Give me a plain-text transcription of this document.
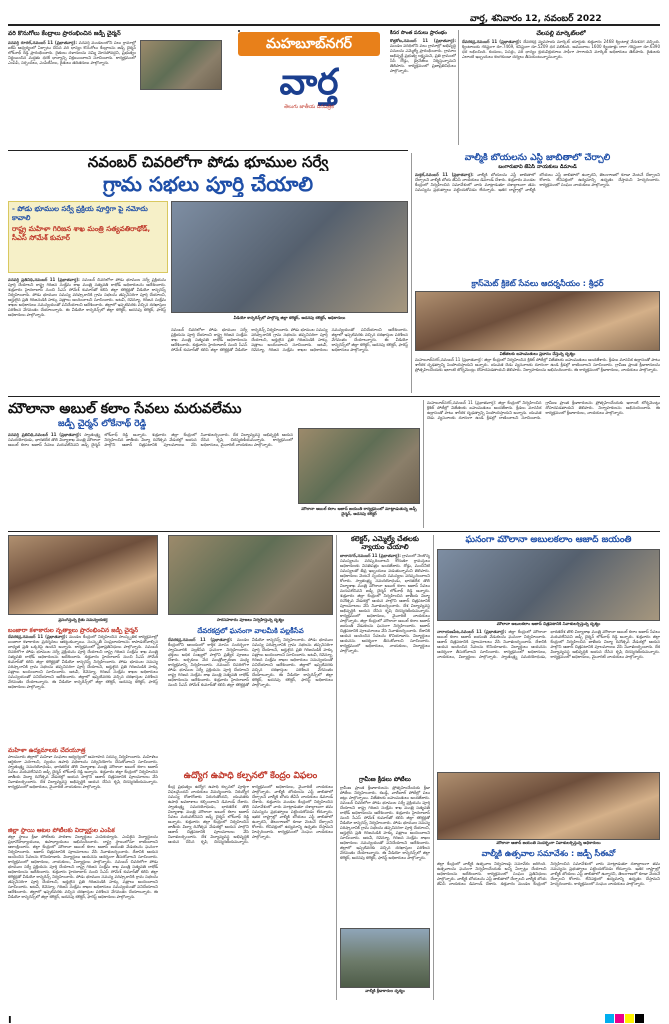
వార్త, శనివారం 12, నవంబర్ 2022
వరి కొనుగోలు కేంద్రాలు ప్రారంభించిన జడ్పీ చైర్మన్
వనపర్తి రూరల్,నవంబర్ 11 (ప్రభాతవార్త): వనపర్తి మండలంలోని పలు గ్రామాల్లో ఐకేపీ ఆధ్వర్యంలో ఏర్పాటు చేసిన వరి ధాన్యం కొనుగోలు కేంద్రాలను జడ్పీ చైర్మన్ లోక్‌నాథ్ రెడ్డి ప్రారంభించారు. రైతులు దళారులను నమ్మి మోసపోవద్దని, ప్రభుత్వం నిర్ణయించిన మద్దతు ధరకే ధాన్యాన్ని విక్రయించాలని సూచించారు. కార్యక్రమంలో ఎంపీపీ, సర్పంచ్‌లు, ఎంపీటీసీలు, రైతులు తదితరులు పాల్గొన్నారు.
మహబూబ్‌నగర్
వార్త
తెలుగు జాతీయ దినపత్రిక
కీసర సొంత పనులు ప్రారంభం
కొత్తకోట,నవంబర్ 11 (ప్రభాతవార్త): మండల పరిధిలోని పలు గ్రామాల్లో అభివృద్ధి పనులను ఎమ్మెల్యే ప్రారంభించారు. గ్రామాల అభివృద్ధే ప్రభుత్వ లక్ష్యమని, ప్రతి గ్రామంలో సీసీ రోడ్లు, డ్రైనేజీలు నిర్మిస్తున్నామని తెలిపారు. కార్యక్రమంలో ప్రజాప్రతినిధులు పాల్గొన్నారు.
చేలపల్లి మార్కెట్‌లలో
దేవరకద్ర,నవంబర్ 11 (ప్రభాతవార్త): దేవరకద్ర వ్యవసాయ మార్కెట్ యార్డుకు శుక్రవారం 2468 క్వింటాళ్ల వేరుశనగ వచ్చింది. క్వింటాలుకు గరిష్టంగా రూ.7469, కనిష్టంగా రూ.5209 ధర పలికింది. ఆముదాలు 1600 క్వింటాళ్లు రాగా గరిష్టంగా రూ.6390 ధర లభించింది. కందులు, పెసర్లు, వరి ధాన్యం క్రయవిక్రయాలు సాఫీగా సాగాయని మార్కెట్ అధికారులు తెలిపారు. రైతులకు ఎలాంటి ఇబ్బందులు కలగకుండా చర్యలు తీసుకుంటున్నామన్నారు.
నవంబర్ చివరిలోగా పోడు భూముల సర్వే
గ్రామ సభలు పూర్తి చేయాలి
- పోడు భూముల సర్వే ప్రక్రియ పూర్తిగా పై నమోదు కావాలి
రాష్ట్ర మహిళా గిరిజన శాఖ మంత్రి సత్యవతిరాథోడ్, సీఎస్ సోమేశ్ కుమార్
వీడియో కాన్ఫరెన్స్‌లో పాల్గొన్న జిల్లా కలెక్టర్, అదనపు కలెక్టర్, అధికారులు
వనపర్తి ప్రతినిధి,నవంబర్ 11 (ప్రభాతవార్త): నవంబర్ చివరిలోగా పోడు భూముల సర్వే ప్రక్రియను పూర్తి చేయాలని రాష్ట్ర గిరిజన సంక్షేమ శాఖ మంత్రి సత్యవతి రాథోడ్ అధికారులను ఆదేశించారు. శుక్రవారం హైదరాబాద్ నుంచి సీఎస్ సోమేశ్ కుమార్‌తో కలిసి జిల్లా కలెక్టర్లతో వీడియో కాన్ఫరెన్స్ నిర్వహించారు. పోడు భూముల సమస్య పరిష్కారానికి గ్రామ సభలను తప్పనిసరిగా పూర్తి చేయాలని, అర్హులైన ప్రతి గిరిజనుడికి హక్కు పత్రాలు అందించాలని సూచించారు. అటవీ, రెవెన్యూ, గిరిజన సంక్షేమ శాఖల అధికారులు సమన్వయంతో పనిచేయాలని ఆదేశించారు. జిల్లాలో ఇప్పటివరకు వచ్చిన దరఖాస్తుల పరిశీలన వేగవంతం చేయాలన్నారు. ఈ వీడియో కాన్ఫరెన్స్‌లో జిల్లా కలెక్టర్, అదనపు కలెక్టర్, ఫారెస్ట్ అధికారులు పాల్గొన్నారు.
నవంబర్ చివరిలోగా పోడు భూముల సర్వే ప్రక్రియను పూర్తి చేయాలని రాష్ట్ర గిరిజన సంక్షేమ శాఖ మంత్రి సత్యవతి రాథోడ్ అధికారులను ఆదేశించారు. శుక్రవారం హైదరాబాద్ నుంచి సీఎస్ సోమేశ్ కుమార్‌తో కలిసి జిల్లా కలెక్టర్లతో వీడియో కాన్ఫరెన్స్ నిర్వహించారు. పోడు భూముల సమస్య పరిష్కారానికి గ్రామ సభలను తప్పనిసరిగా పూర్తి చేయాలని, అర్హులైన ప్రతి గిరిజనుడికి హక్కు పత్రాలు అందించాలని సూచించారు. అటవీ, రెవెన్యూ, గిరిజన సంక్షేమ శాఖల అధికారులు సమన్వయంతో పనిచేయాలని ఆదేశించారు. జిల్లాలో ఇప్పటివరకు వచ్చిన దరఖాస్తుల పరిశీలన వేగవంతం చేయాలన్నారు. ఈ వీడియో కాన్ఫరెన్స్‌లో జిల్లా కలెక్టర్, అదనపు కలెక్టర్, ఫారెస్ట్ అధికారులు పాల్గొన్నారు.
వాల్మీకి బోయలను ఎస్టీ జాబితాలో చేర్చాలి
బంగారుబావి జేఏసీ నాయకులు డిమాండ్
మక్తల్,నవంబర్ 11 (ప్రభాతవార్త): వాల్మీకి బోయలను ఎస్టీ జాబితాలో చేర్చాలని వాల్మీకి బోయ జేఏసీ నాయకులు డిమాండ్ చేశారు. శుక్రవారం మండల కేంద్రంలో నిర్వహించిన సమావేశంలో వారు మాట్లాడుతూ దశాబ్దాలుగా తమ సమస్యను ప్రభుత్వాలు పట్టించుకోవడం లేదన్నారు. ఇతర రాష్ట్రాల్లో వాల్మీకి బోయలు ఎస్టీ జాబితాలో ఉన్నారని, తెలంగాణలో కూడా వెంటనే చేర్చాలని కోరారు. లేనిపక్షంలో ఉద్యమాన్ని ఉధృతం చేస్తామని హెచ్చరించారు. కార్యక్రమంలో సంఘం నాయకులు పాల్గొన్నారు.
క్రాస్‌మెట్ క్రికెట్ సేవలు ఆదర్శనీయం : శ్రీధర్
విజేతలకు బహుమతులు ప్రదానం చేస్తున్న దృశ్యం
మహబూబ్‌నగర్,నవంబర్ 11 (ప్రభాతవార్త): జిల్లా కేంద్రంలో నిర్వహించిన క్రికెట్ పోటీల్లో విజేతలకు బహుమతులు అందజేశారు. క్రీడలు మానసిక ఉల్లాసంతో పాటు శారీరక దృఢత్వాన్ని పెంపొందిస్తాయని అన్నారు. యువత చెడు వ్యసనాలకు దూరంగా ఉండి క్రీడల్లో రాణించాలని సూచించారు. గ్రామీణ ప్రాంత క్రీడాకారులను ప్రోత్సహించేందుకు ఇలాంటి టోర్నమెంట్లు దోహదపడతాయని తెలిపారు. నిర్వాహకులను అభినందించారు. ఈ కార్యక్రమంలో క్రీడాకారులు, నాయకులు పాల్గొన్నారు.
మౌలానా అబుల్ కలాం సేవలు మరువలేము
జడ్పీ చైర్మన్ లోకేనాథ్ రెడ్డి
వనపర్తి ప్రతినిధి,నవంబర్ 11 (ప్రభాతవార్త): స్వాతంత్ర్య సమరయోధుడు, భారతదేశ తొలి విద్యాశాఖ మంత్రి మౌలానా అబుల్ కలాం ఆజాద్ సేవలు మరువలేనివని జడ్పీ చైర్మన్ లోక్‌నాథ్ రెడ్డి అన్నారు. శుక్రవారం జిల్లా కేంద్రంలో నిర్వహించిన జాతీయ విద్యా దినోత్సవ వేడుకల్లో ఆయన పాల్గొని ఆజాద్ చిత్రపటానికి పూలమాలలు వేసి నివాళులర్పించారు. దేశ విద్యావ్యవస్థ అభివృద్ధికి ఆయన చేసిన కృషి చిరస్మరణీయమన్నారు. కార్యక్రమంలో అధికారులు, మైనారిటీ నాయకులు పాల్గొన్నారు.
మౌలానా అబుల్ కలాం ఆజాద్ జయంతి కార్యక్రమంలో మాట్లాడుతున్న జడ్పీ చైర్మన్, అదనపు కలెక్టర్
మహబూబ్‌నగర్,నవంబర్ 11 (ప్రభాతవార్త): జిల్లా కేంద్రంలో నిర్వహించిన క్రికెట్ పోటీల్లో విజేతలకు బహుమతులు అందజేశారు. క్రీడలు మానసిక ఉల్లాసంతో పాటు శారీరక దృఢత్వాన్ని పెంపొందిస్తాయని అన్నారు. యువత చెడు వ్యసనాలకు దూరంగా ఉండి క్రీడల్లో రాణించాలని సూచించారు. గ్రామీణ ప్రాంత క్రీడాకారులను ప్రోత్సహించేందుకు ఇలాంటి టోర్నమెంట్లు దోహదపడతాయని తెలిపారు. నిర్వాహకులను అభినందించారు. ఈ కార్యక్రమంలో క్రీడాకారులు, నాయకులు పాల్గొన్నారు.
ప్రసంగిస్తున్న రైతు సమన్వయకర్త	సారసహకారం పూజలు నిర్వహిస్తున్న దృశ్యం
బంజారా కళాకారుల నృత్యాలు ప్రారంభించిన జడ్పీ చైర్మన్
దేవరకద్ర,నవంబర్ 11 (ప్రభాతవార్త): మండల కేంద్రంలో నిర్వహించిన సాంస్కృతిక కార్యక్రమాల్లో బంజారా కళాకారుల ప్రదర్శనలు ఆకట్టుకున్నాయి. సంస్కృతీ సంప్రదాయాలను కాపాడుకోవాల్సిన బాధ్యత ప్రతి ఒక్కరిపై ఉందని అన్నారు. కార్యక్రమంలో ప్రజాప్రతినిధులు పాల్గొన్నారు. నవంబర్ చివరిలోగా పోడు భూముల సర్వే ప్రక్రియను పూర్తి చేయాలని రాష్ట్ర గిరిజన సంక్షేమ శాఖ మంత్రి సత్యవతి రాథోడ్ అధికారులను ఆదేశించారు. శుక్రవారం హైదరాబాద్ నుంచి సీఎస్ సోమేశ్ కుమార్‌తో కలిసి జిల్లా కలెక్టర్లతో వీడియో కాన్ఫరెన్స్ నిర్వహించారు. పోడు భూముల సమస్య పరిష్కారానికి గ్రామ సభలను తప్పనిసరిగా పూర్తి చేయాలని, అర్హులైన ప్రతి గిరిజనుడికి హక్కు పత్రాలు అందించాలని సూచించారు. అటవీ, రెవెన్యూ, గిరిజన సంక్షేమ శాఖల అధికారులు సమన్వయంతో పనిచేయాలని ఆదేశించారు. జిల్లాలో ఇప్పటివరకు వచ్చిన దరఖాస్తుల పరిశీలన వేగవంతం చేయాలన్నారు. ఈ వీడియో కాన్ఫరెన్స్‌లో జిల్లా కలెక్టర్, అదనపు కలెక్టర్, ఫారెస్ట్ అధికారులు పాల్గొన్నారు.
మహిళా ఉద్యమాలకు చేదయూత్ర
పాలమూరు జిల్లాలో మహిళా సంఘాల ఆధ్వర్యంలో అవగాహన సదస్సు నిర్వహించారు. మహిళలు ఆర్థికంగా ఎదగాలని, స్వయం ఉపాధి పథకాలను సద్వినియోగం చేసుకోవాలని సూచించారు. స్వాతంత్ర్య సమరయోధుడు, భారతదేశ తొలి విద్యాశాఖ మంత్రి మౌలానా అబుల్ కలాం ఆజాద్ సేవలు మరువలేనివని జడ్పీ చైర్మన్ లోక్‌నాథ్ రెడ్డి అన్నారు. శుక్రవారం జిల్లా కేంద్రంలో నిర్వహించిన జాతీయ విద్యా దినోత్సవ వేడుకల్లో ఆయన పాల్గొని ఆజాద్ చిత్రపటానికి పూలమాలలు వేసి నివాళులర్పించారు. దేశ విద్యావ్యవస్థ అభివృద్ధికి ఆయన చేసిన కృషి చిరస్మరణీయమన్నారు. కార్యక్రమంలో అధికారులు, మైనారిటీ నాయకులు పాల్గొన్నారు.
జిల్లా స్థాయి ఆటల పోటీలకు విద్యార్థుల ఎంపిక
జిల్లా స్థాయి క్రీడా పోటీలకు పాఠశాల విద్యార్థులు ఎంపికయ్యారు. ఎంపికైన విద్యార్థులను ప్రధానోపాధ్యాయులు, ఉపాధ్యాయులు అభినందించారు. రాష్ట్ర స్థాయిలోనూ రాణించాలని ఆకాంక్షించారు. జిల్లా కేంద్రంలో మౌలానా అబుల్ కలాం ఆజాద్ జయంతి వేడుకలను ఘనంగా నిర్వహించారు. ఆజాద్ చిత్రపటానికి పూలమాలలు వేసి నివాళులర్పించారు. దేశానికి ఆయన అందించిన సేవలను కొనియాడారు. విద్యార్థులు ఆయనను ఆదర్శంగా తీసుకోవాలని సూచించారు. కార్యక్రమంలో అధికారులు, నాయకులు, విద్యార్థులు పాల్గొన్నారు. నవంబర్ చివరిలోగా పోడు భూముల సర్వే ప్రక్రియను పూర్తి చేయాలని రాష్ట్ర గిరిజన సంక్షేమ శాఖ మంత్రి సత్యవతి రాథోడ్ అధికారులను ఆదేశించారు. శుక్రవారం హైదరాబాద్ నుంచి సీఎస్ సోమేశ్ కుమార్‌తో కలిసి జిల్లా కలెక్టర్లతో వీడియో కాన్ఫరెన్స్ నిర్వహించారు. పోడు భూముల సమస్య పరిష్కారానికి గ్రామ సభలను తప్పనిసరిగా పూర్తి చేయాలని, అర్హులైన ప్రతి గిరిజనుడికి హక్కు పత్రాలు అందించాలని సూచించారు. అటవీ, రెవెన్యూ, గిరిజన సంక్షేమ శాఖల అధికారులు సమన్వయంతో పనిచేయాలని ఆదేశించారు. జిల్లాలో ఇప్పటివరకు వచ్చిన దరఖాస్తుల పరిశీలన వేగవంతం చేయాలన్నారు. ఈ వీడియో కాన్ఫరెన్స్‌లో జిల్లా కలెక్టర్, అదనపు కలెక్టర్, ఫారెస్ట్ అధికారులు పాల్గొన్నారు.
దేవరకద్రలో ఘనంగా వాలమీకి పల్లకీసేవ
దేవరకద్ర,నవంబర్ 11 (ప్రభాతవార్త): మండల కేంద్రంలోని ఆలయంలో కార్తీక మాసం సందర్భంగా స్వామివారికి పల్లకీసేవ ఘనంగా నిర్వహించారు. భక్తులు అధిక సంఖ్యలో పాల్గొని ప్రత్యేక పూజలు చేశారు. అర్చకులు వేద మంత్రోచ్ఛారణల మధ్య కార్యక్రమాన్ని నిర్వహించారు. నవంబర్ చివరిలోగా పోడు భూముల సర్వే ప్రక్రియను పూర్తి చేయాలని రాష్ట్ర గిరిజన సంక్షేమ శాఖ మంత్రి సత్యవతి రాథోడ్ అధికారులను ఆదేశించారు. శుక్రవారం హైదరాబాద్ నుంచి సీఎస్ సోమేశ్ కుమార్‌తో కలిసి జిల్లా కలెక్టర్లతో వీడియో కాన్ఫరెన్స్ నిర్వహించారు. పోడు భూముల సమస్య పరిష్కారానికి గ్రామ సభలను తప్పనిసరిగా పూర్తి చేయాలని, అర్హులైన ప్రతి గిరిజనుడికి హక్కు పత్రాలు అందించాలని సూచించారు. అటవీ, రెవెన్యూ, గిరిజన సంక్షేమ శాఖల అధికారులు సమన్వయంతో పనిచేయాలని ఆదేశించారు. జిల్లాలో ఇప్పటివరకు వచ్చిన దరఖాస్తుల పరిశీలన వేగవంతం చేయాలన్నారు. ఈ వీడియో కాన్ఫరెన్స్‌లో జిల్లా కలెక్టర్, అదనపు కలెక్టర్, ఫారెస్ట్ అధికారులు పాల్గొన్నారు.
ఉద్యోగ ఉపాధి కల్పనలో కేంద్రం విఫలం
కేంద్ర ప్రభుత్వం ఉద్యోగ ఉపాధి కల్పనలో పూర్తిగా విఫలమైందని నాయకులు విమర్శించారు. నిరుద్యోగ సమస్య రోజురోజుకు పెరుగుతోందని, యువతకు ఉపాధి అవకాశాలు కల్పించాలని డిమాండ్ చేశారు. స్వాతంత్ర్య సమరయోధుడు, భారతదేశ తొలి విద్యాశాఖ మంత్రి మౌలానా అబుల్ కలాం ఆజాద్ సేవలు మరువలేనివని జడ్పీ చైర్మన్ లోక్‌నాథ్ రెడ్డి అన్నారు. శుక్రవారం జిల్లా కేంద్రంలో నిర్వహించిన జాతీయ విద్యా దినోత్సవ వేడుకల్లో ఆయన పాల్గొని ఆజాద్ చిత్రపటానికి పూలమాలలు వేసి నివాళులర్పించారు. దేశ విద్యావ్యవస్థ అభివృద్ధికి ఆయన చేసిన కృషి చిరస్మరణీయమన్నారు. కార్యక్రమంలో అధికారులు, మైనారిటీ నాయకులు పాల్గొన్నారు. వాల్మీకి బోయలను ఎస్టీ జాబితాలో చేర్చాలని వాల్మీకి బోయ జేఏసీ నాయకులు డిమాండ్ చేశారు. శుక్రవారం మండల కేంద్రంలో నిర్వహించిన సమావేశంలో వారు మాట్లాడుతూ దశాబ్దాలుగా తమ సమస్యను ప్రభుత్వాలు పట్టించుకోవడం లేదన్నారు. ఇతర రాష్ట్రాల్లో వాల్మీకి బోయలు ఎస్టీ జాబితాలో ఉన్నారని, తెలంగాణలో కూడా వెంటనే చేర్చాలని కోరారు. లేనిపక్షంలో ఉద్యమాన్ని ఉధృతం చేస్తామని హెచ్చరించారు. కార్యక్రమంలో సంఘం నాయకులు పాల్గొన్నారు.
కలెక్టర్, ఎమ్మెల్యే చేతలకు న్యాయం చేయాలి
బాలానగర్,నవంబర్ 11 (ప్రభాతవార్త): గ్రామంలో నెలకొన్న సమస్యలను పరిష్కరించాలని కోరుతూ గ్రామస్తులు అధికారులకు వినతిపత్రం అందజేశారు. రోడ్లు, మంచినీటి సమస్యలతో తీవ్ర ఇబ్బందులు పడుతున్నామని తెలిపారు. అధికారులు వెంటనే స్పందించి సమస్యలు పరిష్కరించాలని కోరారు. స్వాతంత్ర్య సమరయోధుడు, భారతదేశ తొలి విద్యాశాఖ మంత్రి మౌలానా అబుల్ కలాం ఆజాద్ సేవలు మరువలేనివని జడ్పీ చైర్మన్ లోక్‌నాథ్ రెడ్డి అన్నారు. శుక్రవారం జిల్లా కేంద్రంలో నిర్వహించిన జాతీయ విద్యా దినోత్సవ వేడుకల్లో ఆయన పాల్గొని ఆజాద్ చిత్రపటానికి పూలమాలలు వేసి నివాళులర్పించారు. దేశ విద్యావ్యవస్థ అభివృద్ధికి ఆయన చేసిన కృషి చిరస్మరణీయమన్నారు. కార్యక్రమంలో అధికారులు, మైనారిటీ నాయకులు పాల్గొన్నారు. జిల్లా కేంద్రంలో మౌలానా అబుల్ కలాం ఆజాద్ జయంతి వేడుకలను ఘనంగా నిర్వహించారు. ఆజాద్ చిత్రపటానికి పూలమాలలు వేసి నివాళులర్పించారు. దేశానికి ఆయన అందించిన సేవలను కొనియాడారు. విద్యార్థులు ఆయనను ఆదర్శంగా తీసుకోవాలని సూచించారు. కార్యక్రమంలో అధికారులు, నాయకులు, విద్యార్థులు పాల్గొన్నారు.
గ్రామీణ క్రీడలు పోటీలు
గ్రామీణ ప్రాంత క్రీడాకారులను ప్రోత్సహించేందుకు క్రీడా పోటీలు నిర్వహించారు. కబడ్డీ, వాలీబాల్ పోటీల్లో పలు జట్లు పాల్గొన్నాయి. విజేతలకు బహుమతులు అందజేశారు. నవంబర్ చివరిలోగా పోడు భూముల సర్వే ప్రక్రియను పూర్తి చేయాలని రాష్ట్ర గిరిజన సంక్షేమ శాఖ మంత్రి సత్యవతి రాథోడ్ అధికారులను ఆదేశించారు. శుక్రవారం హైదరాబాద్ నుంచి సీఎస్ సోమేశ్ కుమార్‌తో కలిసి జిల్లా కలెక్టర్లతో వీడియో కాన్ఫరెన్స్ నిర్వహించారు. పోడు భూముల సమస్య పరిష్కారానికి గ్రామ సభలను తప్పనిసరిగా పూర్తి చేయాలని, అర్హులైన ప్రతి గిరిజనుడికి హక్కు పత్రాలు అందించాలని సూచించారు. అటవీ, రెవెన్యూ, గిరిజన సంక్షేమ శాఖల అధికారులు సమన్వయంతో పనిచేయాలని ఆదేశించారు. జిల్లాలో ఇప్పటివరకు వచ్చిన దరఖాస్తుల పరిశీలన వేగవంతం చేయాలన్నారు. ఈ వీడియో కాన్ఫరెన్స్‌లో జిల్లా కలెక్టర్, అదనపు కలెక్టర్, ఫారెస్ట్ అధికారులు పాల్గొన్నారు.
వాల్మీకి క్రీడాకారుల దృశ్యం
ఘనంగా మౌలానా అబులకలాం ఆజాద్ జయంతి
మౌలానా అబులకలాం ఆజాద్ చిత్రపటానికి నివాళులర్పిస్తున్న దృశ్యం
నారాయణపేట,నవంబర్ 11 (ప్రభాతవార్త): జిల్లా కేంద్రంలో మౌలానా అబుల్ కలాం ఆజాద్ జయంతి వేడుకలను ఘనంగా నిర్వహించారు. ఆజాద్ చిత్రపటానికి పూలమాలలు వేసి నివాళులర్పించారు. దేశానికి ఆయన అందించిన సేవలను కొనియాడారు. విద్యార్థులు ఆయనను ఆదర్శంగా తీసుకోవాలని సూచించారు. కార్యక్రమంలో అధికారులు, నాయకులు, విద్యార్థులు పాల్గొన్నారు. స్వాతంత్ర్య సమరయోధుడు, భారతదేశ తొలి విద్యాశాఖ మంత్రి మౌలానా అబుల్ కలాం ఆజాద్ సేవలు మరువలేనివని జడ్పీ చైర్మన్ లోక్‌నాథ్ రెడ్డి అన్నారు. శుక్రవారం జిల్లా కేంద్రంలో నిర్వహించిన జాతీయ విద్యా దినోత్సవ వేడుకల్లో ఆయన పాల్గొని ఆజాద్ చిత్రపటానికి పూలమాలలు వేసి నివాళులర్పించారు. దేశ విద్యావ్యవస్థ అభివృద్ధికి ఆయన చేసిన కృషి చిరస్మరణీయమన్నారు. కార్యక్రమంలో అధికారులు, మైనారిటీ నాయకులు పాల్గొన్నారు.
మౌలానా ఆజాద్ జయంతి సందర్భంగా నివాళులర్పిస్తున్న అధికారులు
వాల్మీకి ఉత్సవాల సమావేశం : జడ్పీ సీఈవో
జిల్లా కేంద్రంలో వాల్మీకి ఉత్సవాల నిర్వహణపై సమావేశం జరిగింది. ఉత్సవాలను ఘనంగా నిర్వహించేందుకు అన్ని ఏర్పాట్లు చేయాలని అధికారులను ఆదేశించారు. కార్యక్రమంలో సంఘం ప్రతినిధులు పాల్గొన్నారు. వాల్మీకి బోయలను ఎస్టీ జాబితాలో చేర్చాలని వాల్మీకి బోయ జేఏసీ నాయకులు డిమాండ్ చేశారు. శుక్రవారం మండల కేంద్రంలో నిర్వహించిన సమావేశంలో వారు మాట్లాడుతూ దశాబ్దాలుగా తమ సమస్యను ప్రభుత్వాలు పట్టించుకోవడం లేదన్నారు. ఇతర రాష్ట్రాల్లో వాల్మీకి బోయలు ఎస్టీ జాబితాలో ఉన్నారని, తెలంగాణలో కూడా వెంటనే చేర్చాలని కోరారు. లేనిపక్షంలో ఉద్యమాన్ని ఉధృతం చేస్తామని హెచ్చరించారు. కార్యక్రమంలో సంఘం నాయకులు పాల్గొన్నారు.
I
